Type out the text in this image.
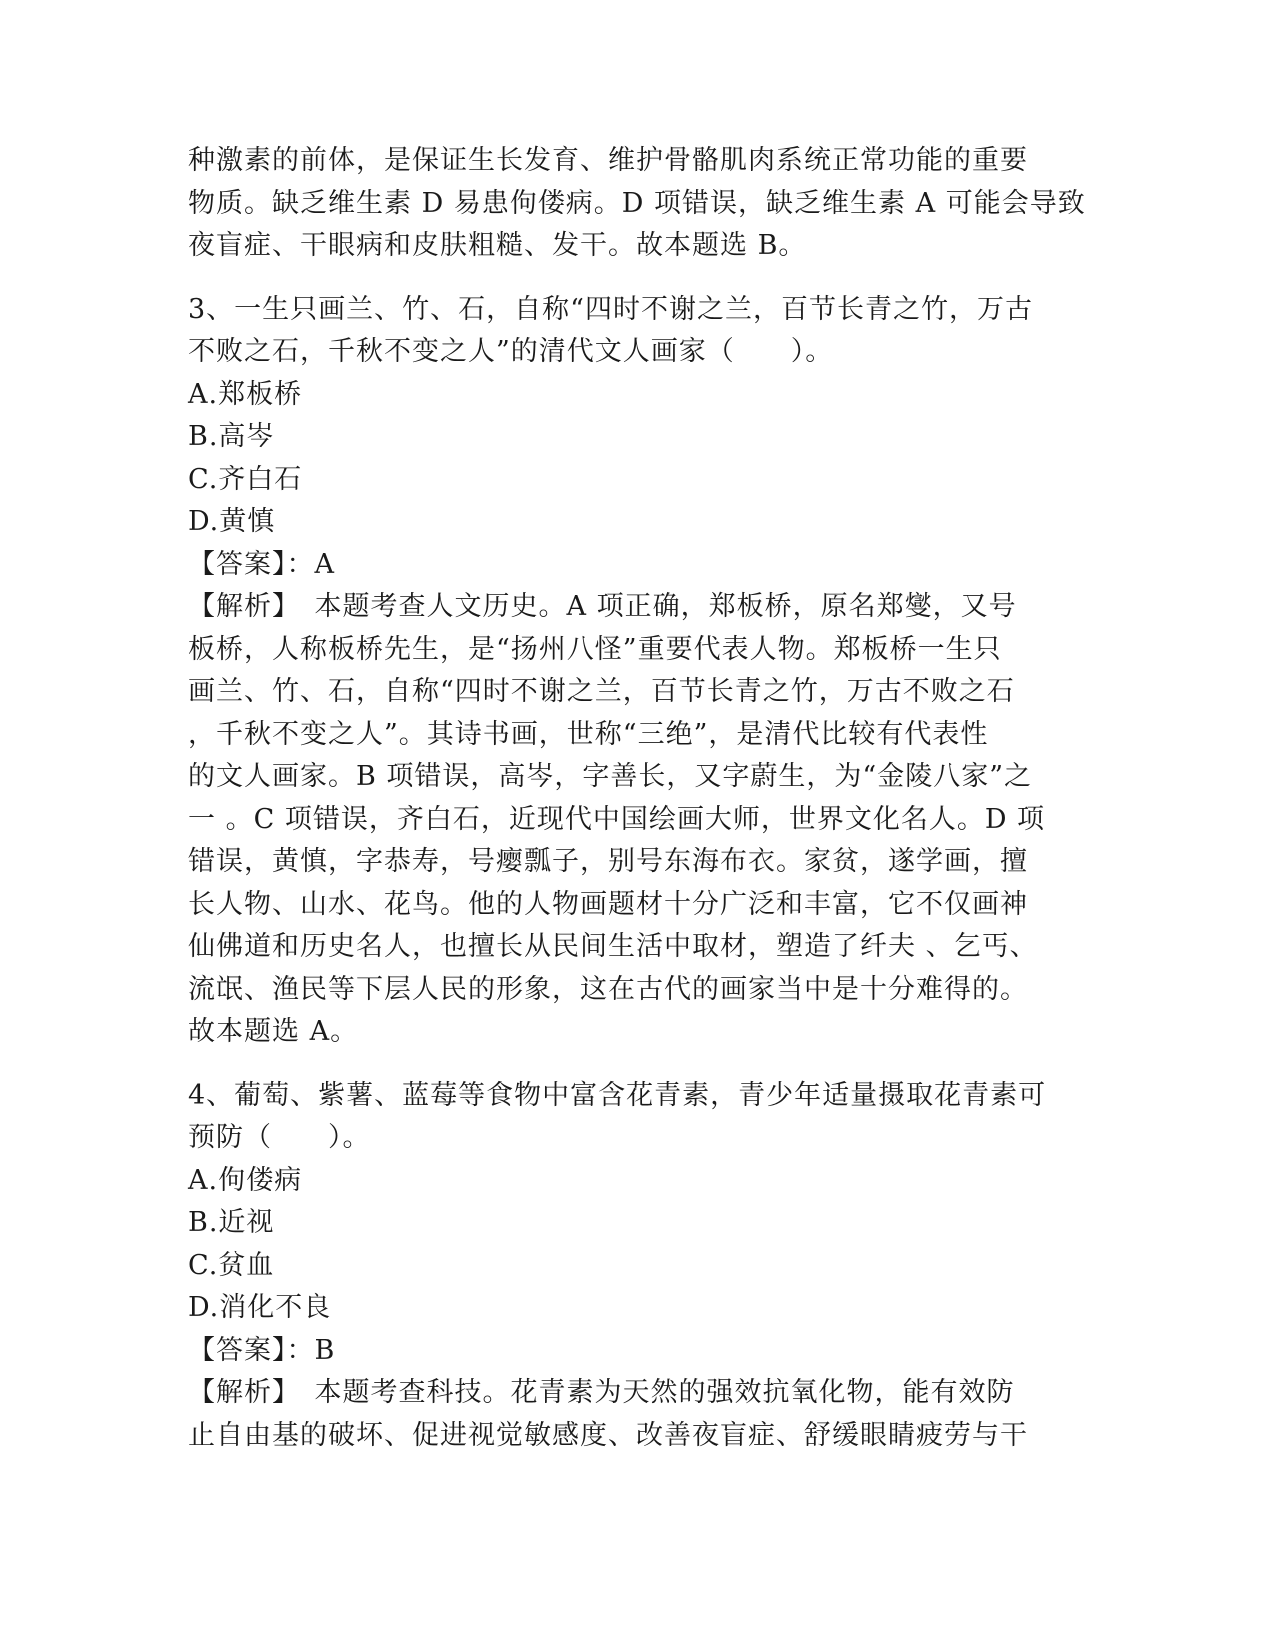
种激素的前体，是保证生长发育、维护骨骼肌肉系统正常功能的重要
物质。缺乏维生素 D 易患佝偻病。D 项错误，缺乏维生素 A 可能会导致
夜盲症、干眼病和皮肤粗糙、发干。故本题选 B。
3、一生只画兰、竹、石，自称“四时不谢之兰，百节长青之竹，万古
不败之石，千秋不变之人”的清代文人画家（　　）。
A.郑板桥
B.高岑
C.齐白石
D.黄慎
【答案】：A
【解析】　本题考查人文历史。A 项正确，郑板桥，原名郑燮，又号
板桥，人称板桥先生，是“扬州八怪”重要代表人物。郑板桥一生只
画兰、竹、石，自称“四时不谢之兰，百节长青之竹，万古不败之石
，千秋不变之人”。其诗书画，世称“三绝”，是清代比较有代表性
的文人画家。B 项错误，高岑，字善长，又字蔚生，为“金陵八家”之
一 。C 项错误，齐白石，近现代中国绘画大师，世界文化名人。D 项
错误，黄慎，字恭寿，号瘿瓢子，别号东海布衣。家贫，遂学画，擅
长人物、山水、花鸟。他的人物画题材十分广泛和丰富，它不仅画神
仙佛道和历史名人，也擅长从民间生活中取材，塑造了纤夫 、乞丐、
流氓、渔民等下层人民的形象，这在古代的画家当中是十分难得的。
故本题选 A。
4、葡萄、紫薯、蓝莓等食物中富含花青素，青少年适量摄取花青素可
预防（　　）。
A.佝偻病
B.近视
C.贫血
D.消化不良
【答案】：B
【解析】　本题考查科技。花青素为天然的强效抗氧化物，能有效防
止自由基的破坏、促进视觉敏感度、改善夜盲症、舒缓眼睛疲劳与干
